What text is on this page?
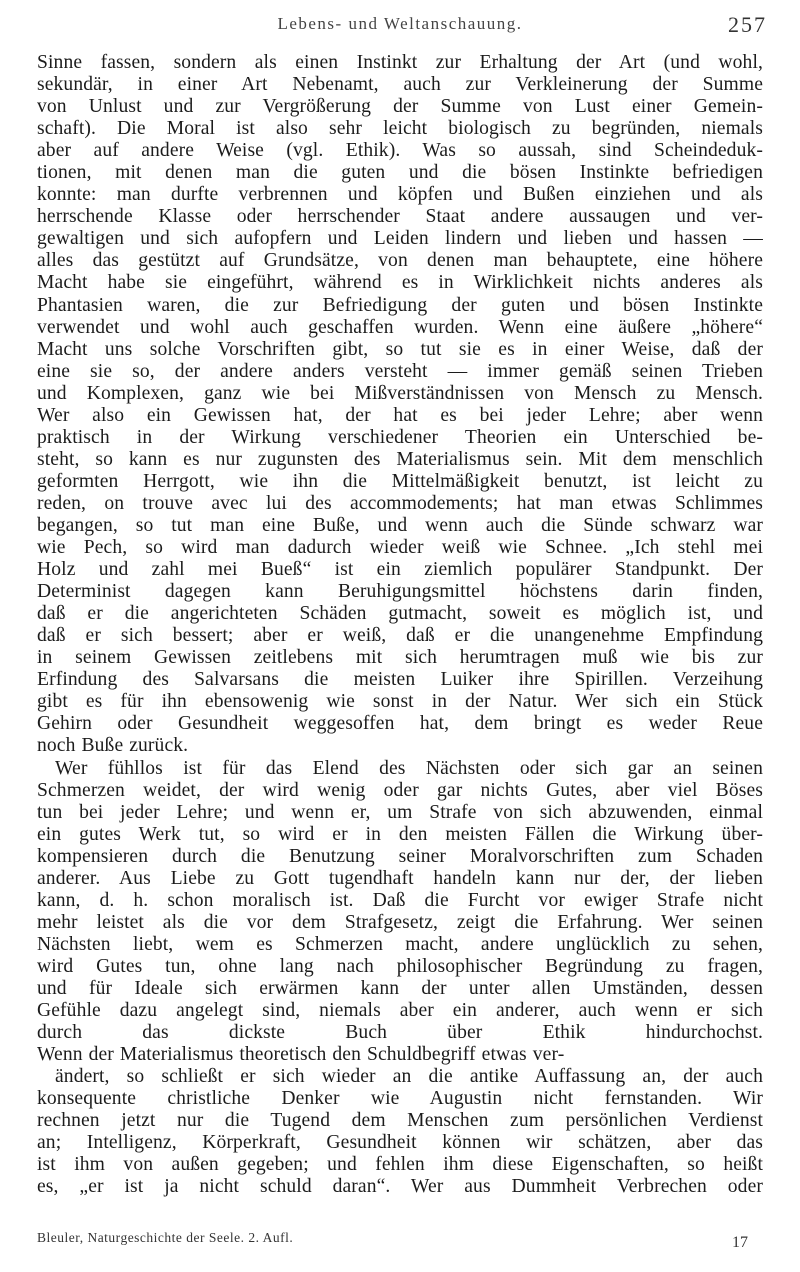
Lebens- und Weltanschauung.	257
Sinne fassen, sondern als einen Instinkt zur Erhaltung der Art (und wohl,
sekundär, in einer Art Nebenamt, auch zur Verkleinerung der Summe
von Unlust und zur Vergrößerung der Summe von Lust einer Gemein-
schaft). Die Moral ist also sehr leicht biologisch zu begründen, niemals
aber auf andere Weise (vgl. Ethik). Was so aussah, sind Scheindeduk-
tionen, mit denen man die guten und die bösen Instinkte befriedigen
konnte: man durfte verbrennen und köpfen und Bußen einziehen und als
herrschende Klasse oder herrschender Staat andere aussaugen und ver-
gewaltigen und sich aufopfern und Leiden lindern und lieben und hassen —
alles das gestützt auf Grundsätze, von denen man behauptete, eine höhere
Macht habe sie eingeführt, während es in Wirklichkeit nichts anderes als
Phantasien waren, die zur Befriedigung der guten und bösen Instinkte
verwendet und wohl auch geschaffen wurden. Wenn eine äußere „höhere“
Macht uns solche Vorschriften gibt, so tut sie es in einer Weise, daß der
eine sie so, der andere anders versteht — immer gemäß seinen Trieben
und Komplexen, ganz wie bei Mißverständnissen von Mensch zu Mensch.
Wer also ein Gewissen hat, der hat es bei jeder Lehre; aber wenn
praktisch in der Wirkung verschiedener Theorien ein Unterschied be-
steht, so kann es nur zugunsten des Materialismus sein. Mit dem menschlich
geformten Herrgott, wie ihn die Mittelmäßigkeit benutzt, ist leicht zu
reden, on trouve avec lui des accommodements; hat man etwas Schlimmes
begangen, so tut man eine Buße, und wenn auch die Sünde schwarz war
wie Pech, so wird man dadurch wieder weiß wie Schnee. „Ich stehl mei
Holz und zahl mei Bueß“ ist ein ziemlich populärer Standpunkt. Der
Determinist dagegen kann Beruhigungsmittel höchstens darin finden,
daß er die angerichteten Schäden gutmacht, soweit es möglich ist, und
daß er sich bessert; aber er weiß, daß er die unangenehme Empfindung
in seinem Gewissen zeitlebens mit sich herumtragen muß wie bis zur
Erfindung des Salvarsans die meisten Luiker ihre Spirillen. Verzeihung
gibt es für ihn ebensowenig wie sonst in der Natur. Wer sich ein Stück
Gehirn oder Gesundheit weggesoffen hat, dem bringt es weder Reue
noch Buße zurück.
Wer fühllos ist für das Elend des Nächsten oder sich gar an seinen
Schmerzen weidet, der wird wenig oder gar nichts Gutes, aber viel Böses
tun bei jeder Lehre; und wenn er, um Strafe von sich abzuwenden, einmal
ein gutes Werk tut, so wird er in den meisten Fällen die Wirkung über-
kompensieren durch die Benutzung seiner Moralvorschriften zum Schaden
anderer. Aus Liebe zu Gott tugendhaft handeln kann nur der, der lieben
kann, d. h. schon moralisch ist. Daß die Furcht vor ewiger Strafe nicht
mehr leistet als die vor dem Strafgesetz, zeigt die Erfahrung. Wer seinen
Nächsten liebt, wem es Schmerzen macht, andere unglücklich zu sehen,
wird Gutes tun, ohne lang nach philosophischer Begründung zu fragen,
und für Ideale sich erwärmen kann der unter allen Umständen, dessen
Gefühle dazu angelegt sind, niemals aber ein anderer, auch wenn er sich
durch das dickste Buch über Ethik hindurchochst.
Wenn der Materialismus theoretisch den Schuldbegriff etwas ver-
ändert, so schließt er sich wieder an die antike Auffassung an, der auch
konsequente christliche Denker wie Augustin nicht fernstanden. Wir
rechnen jetzt nur die Tugend dem Menschen zum persönlichen Verdienst
an; Intelligenz, Körperkraft, Gesundheit können wir schätzen, aber das
ist ihm von außen gegeben; und fehlen ihm diese Eigenschaften, so heißt
es, „er ist ja nicht schuld daran“. Wer aus Dummheit Verbrechen oder
Bleuler, Naturgeschichte der Seele. 2. Aufl.	17
